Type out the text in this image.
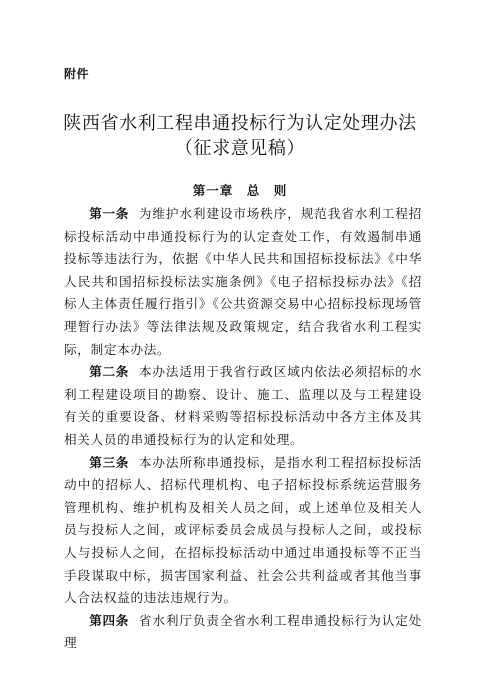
附件
陕西省水利工程串通投标行为认定处理办法
（征求意见稿）
第一章　总　则

第一条 为维护水利建设市场秩序，规范我省水利工程招标投标活动中串通投标行为的认定查处工作，有效遏制串通投标等违法行为，依据《中华人民共和国招标投标法》《中华人民共和国招标投标法实施条例》《电子招标投标办法》《招标人主体责任履行指引》《公共资源交易中心招标投标现场管理暂行办法》等法律法规及政策规定，结合我省水利工程实际，制定本办法。

第二条 本办法适用于我省行政区域内依法必须招标的水利工程建设项目的勘察、设计、施工、监理以及与工程建设有关的重要设备、材料采购等招标投标活动中各方主体及其相关人员的串通投标行为的认定和处理。

第三条 本办法所称串通投标，是指水利工程招标投标活动中的招标人、招标代理机构、电子招标投标系统运营服务管理机构、维护机构及相关人员之间，或上述单位及相关人员与投标人之间，或评标委员会成员与投标人之间，或投标人与投标人之间，在招标投标活动中通过串通投标等不正当手段谋取中标，损害国家利益、社会公共利益或者其他当事人合法权益的违法违规行为。

第四条 省水利厅负责全省水利工程串通投标行为认定处理
